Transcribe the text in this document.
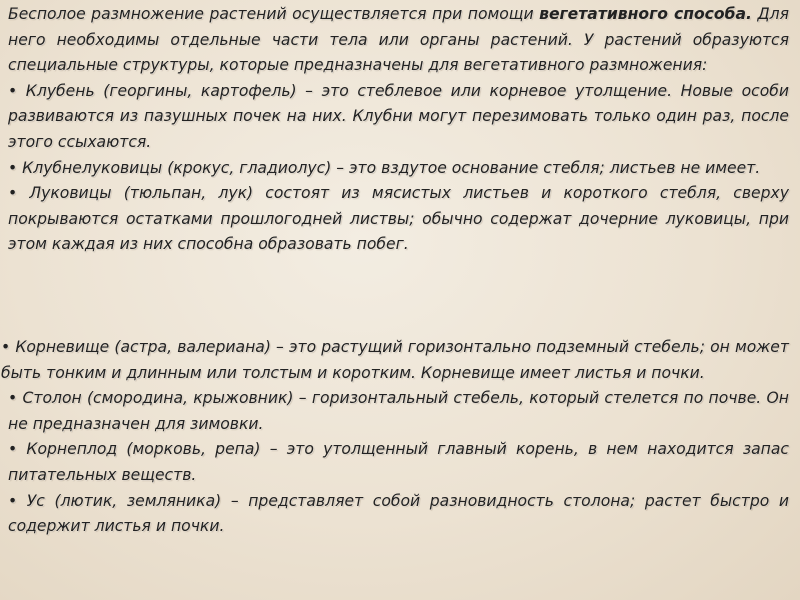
Бесполое размножение растений осуществляется при помощи вегетативного способа. Для него необходимы отдельные части тела или органы растений. У растений образуются специальные структуры, которые предназначены для вегетативного размножения:

• Клубень (георгины, картофель) – это стеблевое или корневое утолщение. Новые особи развиваются из пазушных почек на них. Клубни могут перезимовать только один раз, после этого ссыхаются.

• Клубнелуковицы (крокус, гладиолус) – это вздутое основание стебля; листьев не имеет.

• Луковицы (тюльпан, лук) состоят из мясистых листьев и короткого стебля, сверху покрываются остатками прошлогодней листвы; обычно содержат дочерние луковицы, при этом каждая из них способна образовать побег.

• Корневище (астра, валериана) – это растущий горизонтально подземный стебель; он может быть тонким и длинным или толстым и коротким. Корневище имеет листья и почки.

• Столон (смородина, крыжовник) – горизонтальный стебель, который стелется по почве. Он не предназначен для зимовки.

• Корнеплод (морковь, репа) – это утолщенный главный корень, в нем находится запас питательных веществ.

• Ус (лютик, земляника) – представляет собой разновидность столона; растет быстро и содержит листья и почки.
